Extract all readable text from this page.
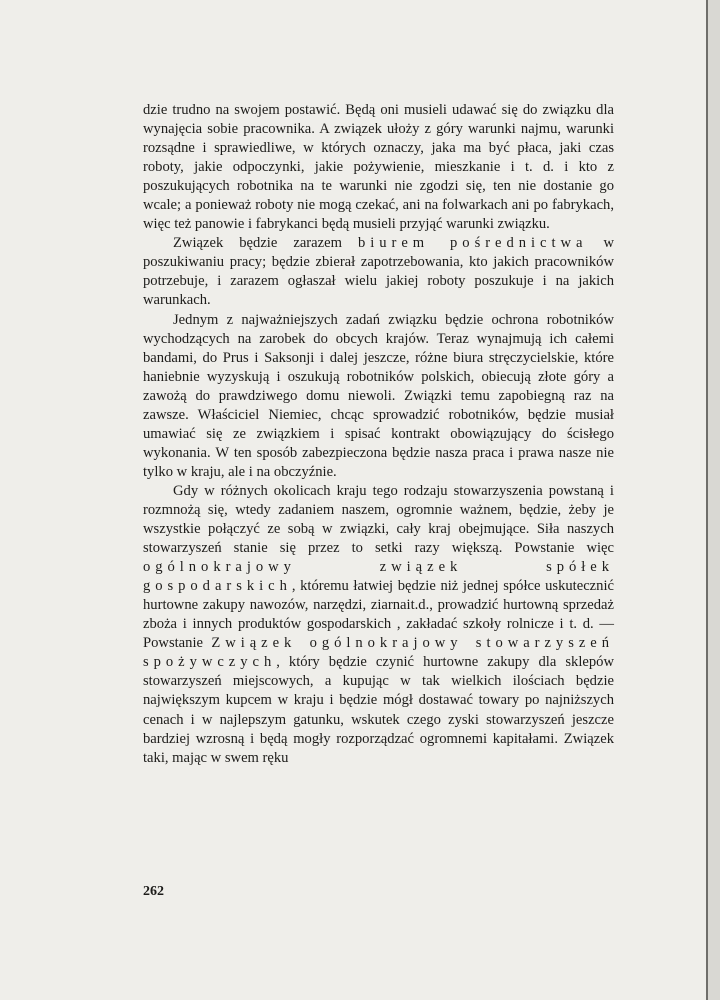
dzie trudno na swojem postawić. Będą oni musieli udawać się do związku dla wynajęcia sobie pracownika. A związek ułoży z góry warunki najmu, warunki rozsądne i sprawiedliwe, w których oznaczy, jaka ma być płaca, jaki czas roboty, jakie odpoczynki, jakie pożywienie, mieszkanie i t. d. i kto z poszukujących robotnika na te warunki nie zgodzi się, ten nie dostanie go wcale; a ponieważ roboty nie mogą czekać, ani na folwarkach ani po fabrykach, więc też panowie i fabrykanci będą musieli przyjąć warunki związku.

Związek będzie zarazem biurem pośrednictwa w poszukiwaniu pracy; będzie zbierał zapotrzebowania, kto jakich pracowników potrzebuje, i zarazem ogłaszał wielu jakiej roboty poszukuje i na jakich warunkach.

Jednym z najważniejszych zadań związku będzie ochrona robotników wychodzących na zarobek do obcych krajów. Teraz wynajmują ich całemi bandami, do Prus i Saksonji i dalej jeszcze, różne biura stręczycielskie, które haniebnie wyzyskują i oszukują robotników polskich, obiecują złote góry a zawożą do prawdziwego domu niewoli. Związki temu zapobiegną raz na zawsze. Właściciel Niemiec, chcąc sprowadzić robotników, będzie musiał umawiać się ze związkiem i spisać kontrakt obowiązujący do ścisłego wykonania. W ten sposób zabezpieczona będzie nasza praca i prawa nasze nie tylko w kraju, ale i na obczyźnie.

Gdy w różnych okolicach kraju tego rodzaju stowarzyszenia powstaną i rozmnożą się, wtedy zadaniem naszem, ogromnie ważnem, będzie, żeby je wszystkie połączyć ze sobą w związki, cały kraj obejmujące. Siła naszych stowarzyszeń stanie się przez to setki razy większą. Powstanie więc ogólnokrajowy związek spółek gospodarskich, któremu łatwiej będzie niż jednej spółce uskutecznić hurtowne zakupy nawozów, narzędzi, ziarnait.d., prowadzić hurtowną sprzedaż zboża i innych produktów gospodarskich , zakładać szkoły rolnicze i t. d. — Powstanie Związek ogólnokrajowy stowarzyszeń spożywczych, który będzie czynić hurtowne zakupy dla sklepów stowarzyszeń miejscowych, a kupując w tak wielkich ilościach będzie największym kupcem w kraju i będzie mógł dostawać towary po najniższych cenach i w najlepszym gatunku, wskutek czego zyski stowarzyszeń jeszcze bardziej wzrosną i będą mogły rozporządzać ogromnemi kapitałami. Związek taki, mając w swem ręku

262
